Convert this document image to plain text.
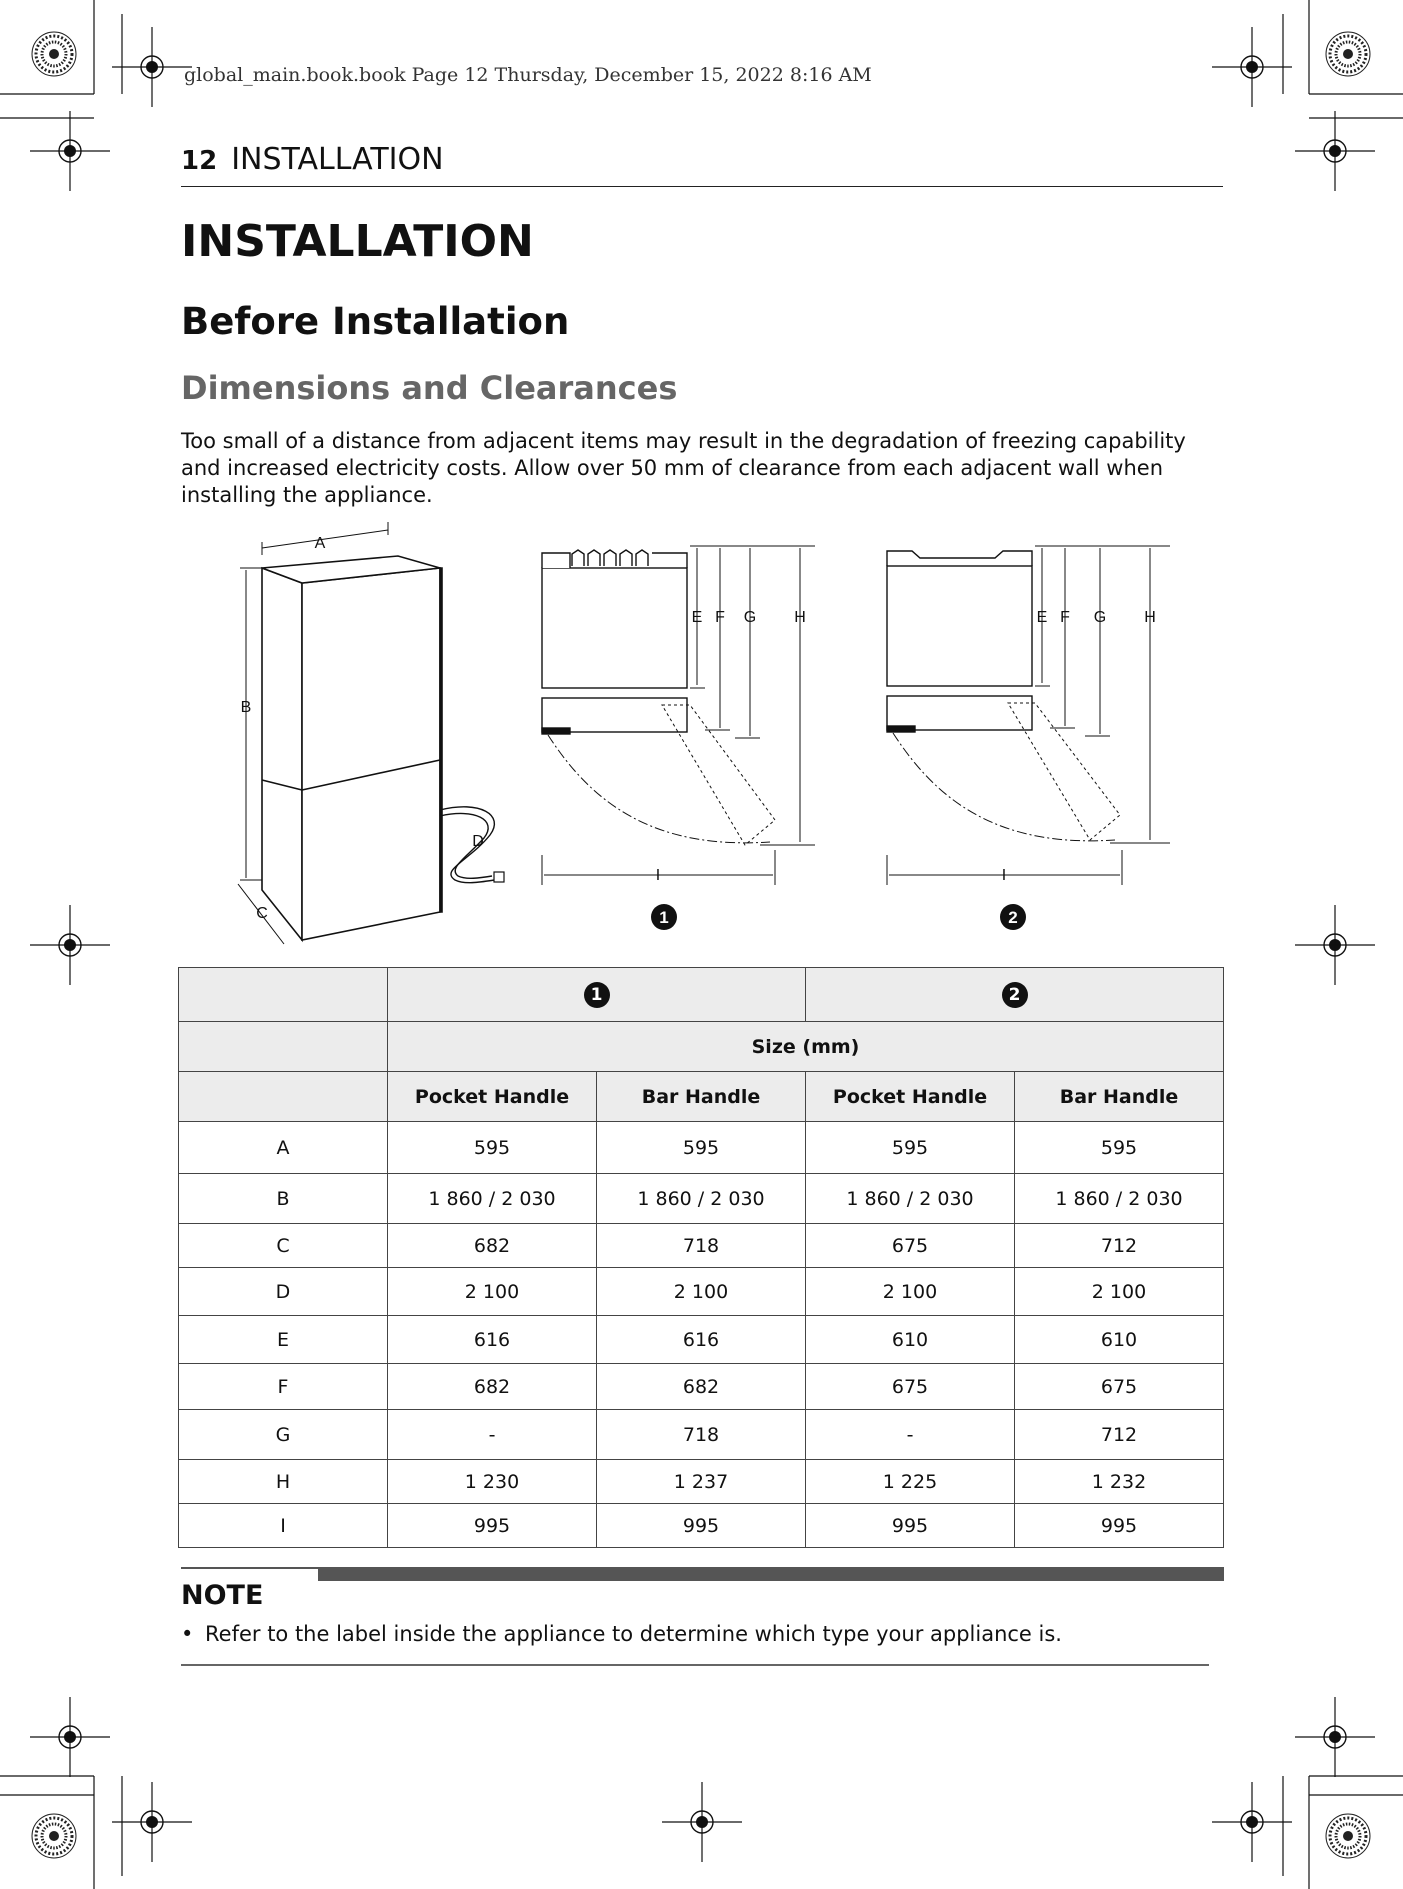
global_main.book.book Page 12 Thursday, December 15, 2022 8:16 AM
12 INSTALLATION
INSTALLATION
Before Installation
Dimensions and Clearances

Too small of a distance from adjacent items may result in the degradation of freezing capability and increased electricity costs. Allow over 50 mm of clearance from each adjacent wall when installing the appliance.

A
B
C
D
E F G H
I
1
E F G H
I
2
	1		2	
	Size (mm)			
	Pocket Handle	Bar Handle	Pocket Handle	Bar Handle
A	595	595	595	595
B	1 860 / 2 030	1 860 / 2 030	1 860 / 2 030	1 860 / 2 030
C	682	718	675	712
D	2 100	2 100	2 100	2 100
E	616	616	610	610
F	682	682	675	675
G	-	718	-	712
H	1 230	1 237	1 225	1 232
I	995	995	995	995
NOTE
• Refer to the label inside the appliance to determine which type your appliance is.
